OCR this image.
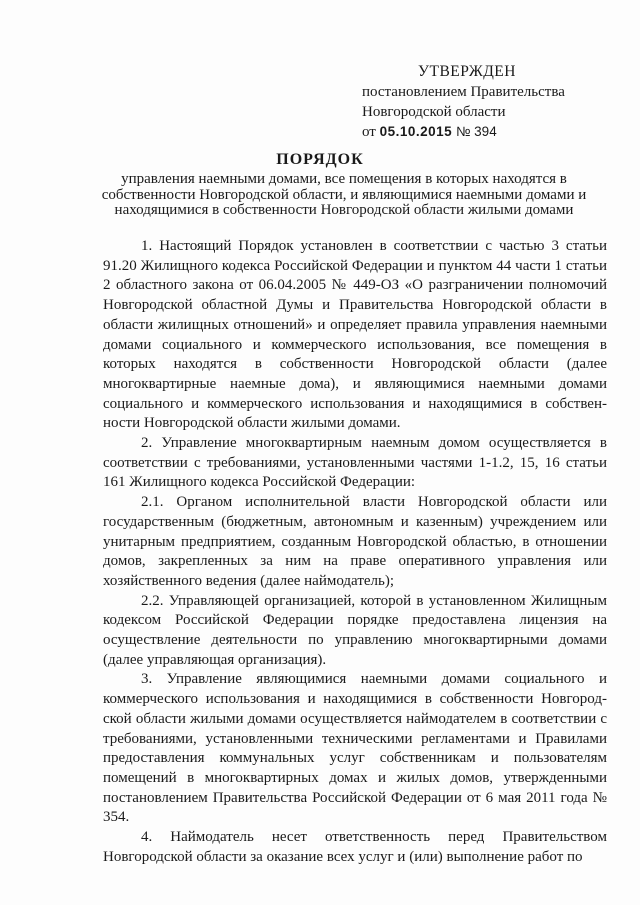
УТВЕРЖДЕН
постановлением Правительства
Новгородской области
от 05.10.2015 № 394
ПОРЯДОК
управления наемными домами, все помещения в которых находятся в
собственности Новгородской области, и являющимися наемными домами и
находящимися в собственности Новгородской области жилыми домами

1. Настоящий Порядок установлен в соответствии с частью 3 статьи 91.20 Жилищного кодекса Российской Федерации и пунктом 44 части 1 статьи 2 областного закона от 06.04.2005 № 449-ОЗ «О разграничении полномочий Новгородской областной Думы и Правительства Новгородской области в области жилищных отношений» и определяет правила управления наемными домами социального и коммерческого использования, все помещения в которых находятся в собственности Новгородской области (далее многоквартирные наемные дома), и являющимися наемными домами социального и коммерческого использования и находящимися в собственности Новгородской области жилыми домами.

2. Управление многоквартирным наемным домом осуществляется в соответствии с требованиями, установленными частями 1-1.2, 15, 16 статьи 161 Жилищного кодекса Российской Федерации:

2.1. Органом исполнительной власти Новгородской области или государственным (бюджетным, автономным и казенным) учреждением или унитарным предприятием, созданным Новгородской областью, в отношении домов, закрепленных за ним на праве оперативного управления или хозяйственного ведения (далее наймодатель);

2.2. Управляющей организацией, которой в установленном Жилищным кодексом Российской Федерации порядке предоставлена лицензия на осуществление деятельности по управлению многоквартирными домами (далее управляющая организация).

3. Управление являющимися наемными домами социального и коммерческого использования и находящимися в собственности Новгородской области жилыми домами осуществляется наймодателем в соответствии с требованиями, установленными техническими регламентами и Правилами предоставления коммунальных услуг собственникам и пользователям помещений в многоквартирных домах и жилых домов, утвержденными постановлением Правительства Российской Федерации от 6 мая 2011 года № 354.

4. Наймодатель несет ответственность перед Правительством Новгородской области за оказание всех услуг и (или) выполнение работ по
